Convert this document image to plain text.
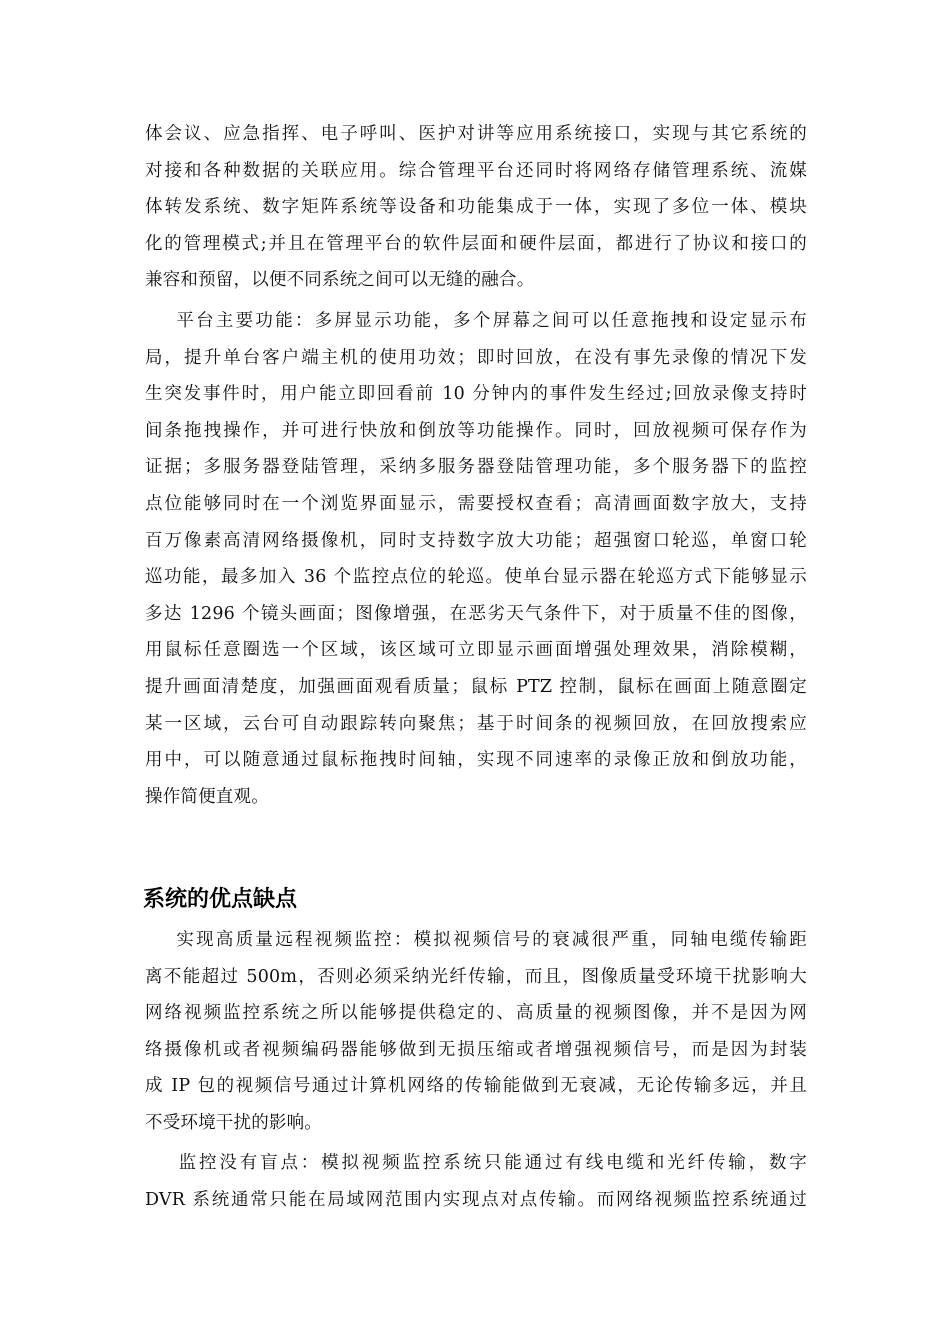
体会议、应急指挥、电子呼叫、医护对讲等应用系统接口，实现与其它系统的
对接和各种数据的关联应用。综合管理平台还同时将网络存储管理系统、流媒
体转发系统、数字矩阵系统等设备和功能集成于一体，实现了多位一体、模块
化的管理模式;并且在管理平台的软件层面和硬件层面，都进行了协议和接口的
兼容和预留，以便不同系统之间可以无缝的融合。
平台主要功能：多屏显示功能，多个屏幕之间可以任意拖拽和设定显示布
局，提升单台客户端主机的使用功效；即时回放，在没有事先录像的情况下发
生突发事件时，用户能立即回看前 10 分钟内的事件发生经过;回放录像支持时
间条拖拽操作，并可进行快放和倒放等功能操作。同时，回放视频可保存作为
证据；多服务器登陆管理，采纳多服务器登陆管理功能，多个服务器下的监控
点位能够同时在一个浏览界面显示，需要授权查看；高清画面数字放大，支持
百万像素高清网络摄像机，同时支持数字放大功能；超强窗口轮巡，单窗口轮
巡功能，最多加入 36 个监控点位的轮巡。使单台显示器在轮巡方式下能够显示
多达 1296 个镜头画面；图像增强，在恶劣天气条件下，对于质量不佳的图像，
用鼠标任意圈选一个区域，该区域可立即显示画面增强处理效果，消除模糊，
提升画面清楚度，加强画面观看质量；鼠标 PTZ 控制，鼠标在画面上随意圈定
某一区域，云台可自动跟踪转向聚焦；基于时间条的视频回放，在回放搜索应
用中，可以随意通过鼠标拖拽时间轴，实现不同速率的录像正放和倒放功能，
操作简便直观。
系统的优点缺点
实现高质量远程视频监控：模拟视频信号的衰减很严重，同轴电缆传输距
离不能超过 500m，否则必须采纳光纤传输，而且，图像质量受环境干扰影响大
网络视频监控系统之所以能够提供稳定的、高质量的视频图像，并不是因为网
络摄像机或者视频编码器能够做到无损压缩或者增强视频信号，而是因为封装
成 IP 包的视频信号通过计算机网络的传输能做到无衰减，无论传输多远，并且
不受环境干扰的影响。
监控没有盲点：模拟视频监控系统只能通过有线电缆和光纤传输，数字
DVR 系统通常只能在局域网范围内实现点对点传输。而网络视频监控系统通过
